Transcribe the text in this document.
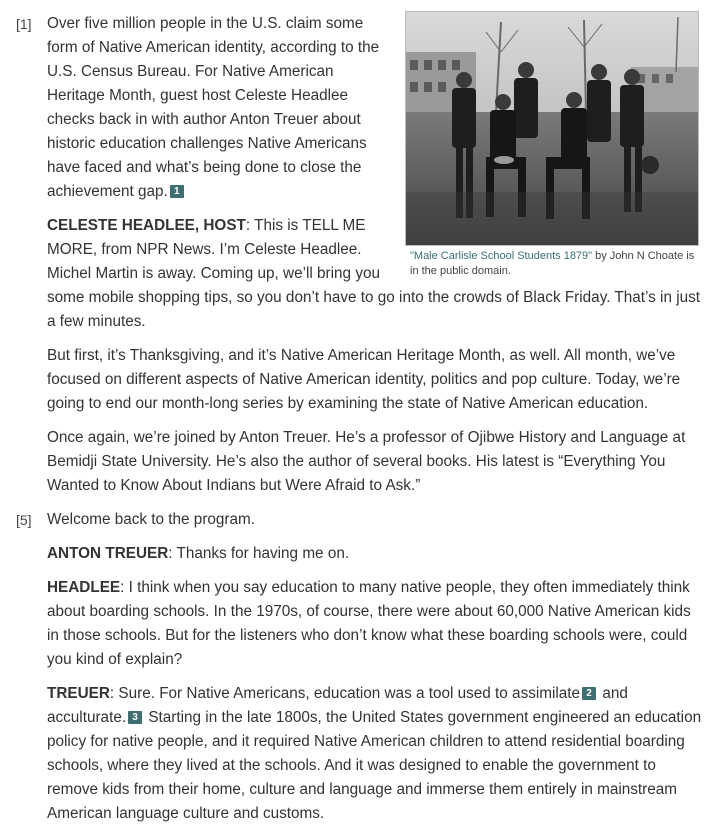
"Male Carlisle School Students 1879" by John N Choate is in the public domain.
[1] Over five million people in the U.S. claim some form of Native American identity, according to the U.S. Census Bureau. For Native American Heritage Month, guest host Celeste Headlee checks back in with author Anton Treuer about historic education challenges Native Americans have faced and what’s being done to close the achievement gap. 1

CELESTE HEADLEE, HOST: This is TELL ME MORE, from NPR News. I’m Celeste Headlee. Michel Martin is away. Coming up, we’ll bring you some mobile shopping tips, so you don’t have to go into the crowds of Black Friday. That’s in just a few minutes.

But first, it’s Thanksgiving, and it’s Native American Heritage Month, as well. All month, we’ve focused on different aspects of Native American identity, politics and pop culture. Today, we’re going to end our month-long series by examining the state of Native American education.

Once again, we’re joined by Anton Treuer. He’s a professor of Ojibwe History and Language at Bemidji State University. He’s also the author of several books. His latest is “Everything You Wanted to Know About Indians but Were Afraid to Ask.”

[5] Welcome back to the program.

ANTON TREUER: Thanks for having me on.

HEADLEE: I think when you say education to many native people, they often immediately think about boarding schools. In the 1970s, of course, there were about 60,000 Native American kids in those schools. But for the listeners who don’t know what these boarding schools were, could you kind of explain?

TREUER: Sure. For Native Americans, education was a tool used to assimilate 2 and acculturate. 3 Starting in the late 1800s, the United States government engineered an education policy for native people, and it required Native American children to attend residential boarding schools, where they lived at the schools. And it was designed to enable the government to remove kids from their home, culture and language and immerse them entirely in mainstream American language culture and customs.
